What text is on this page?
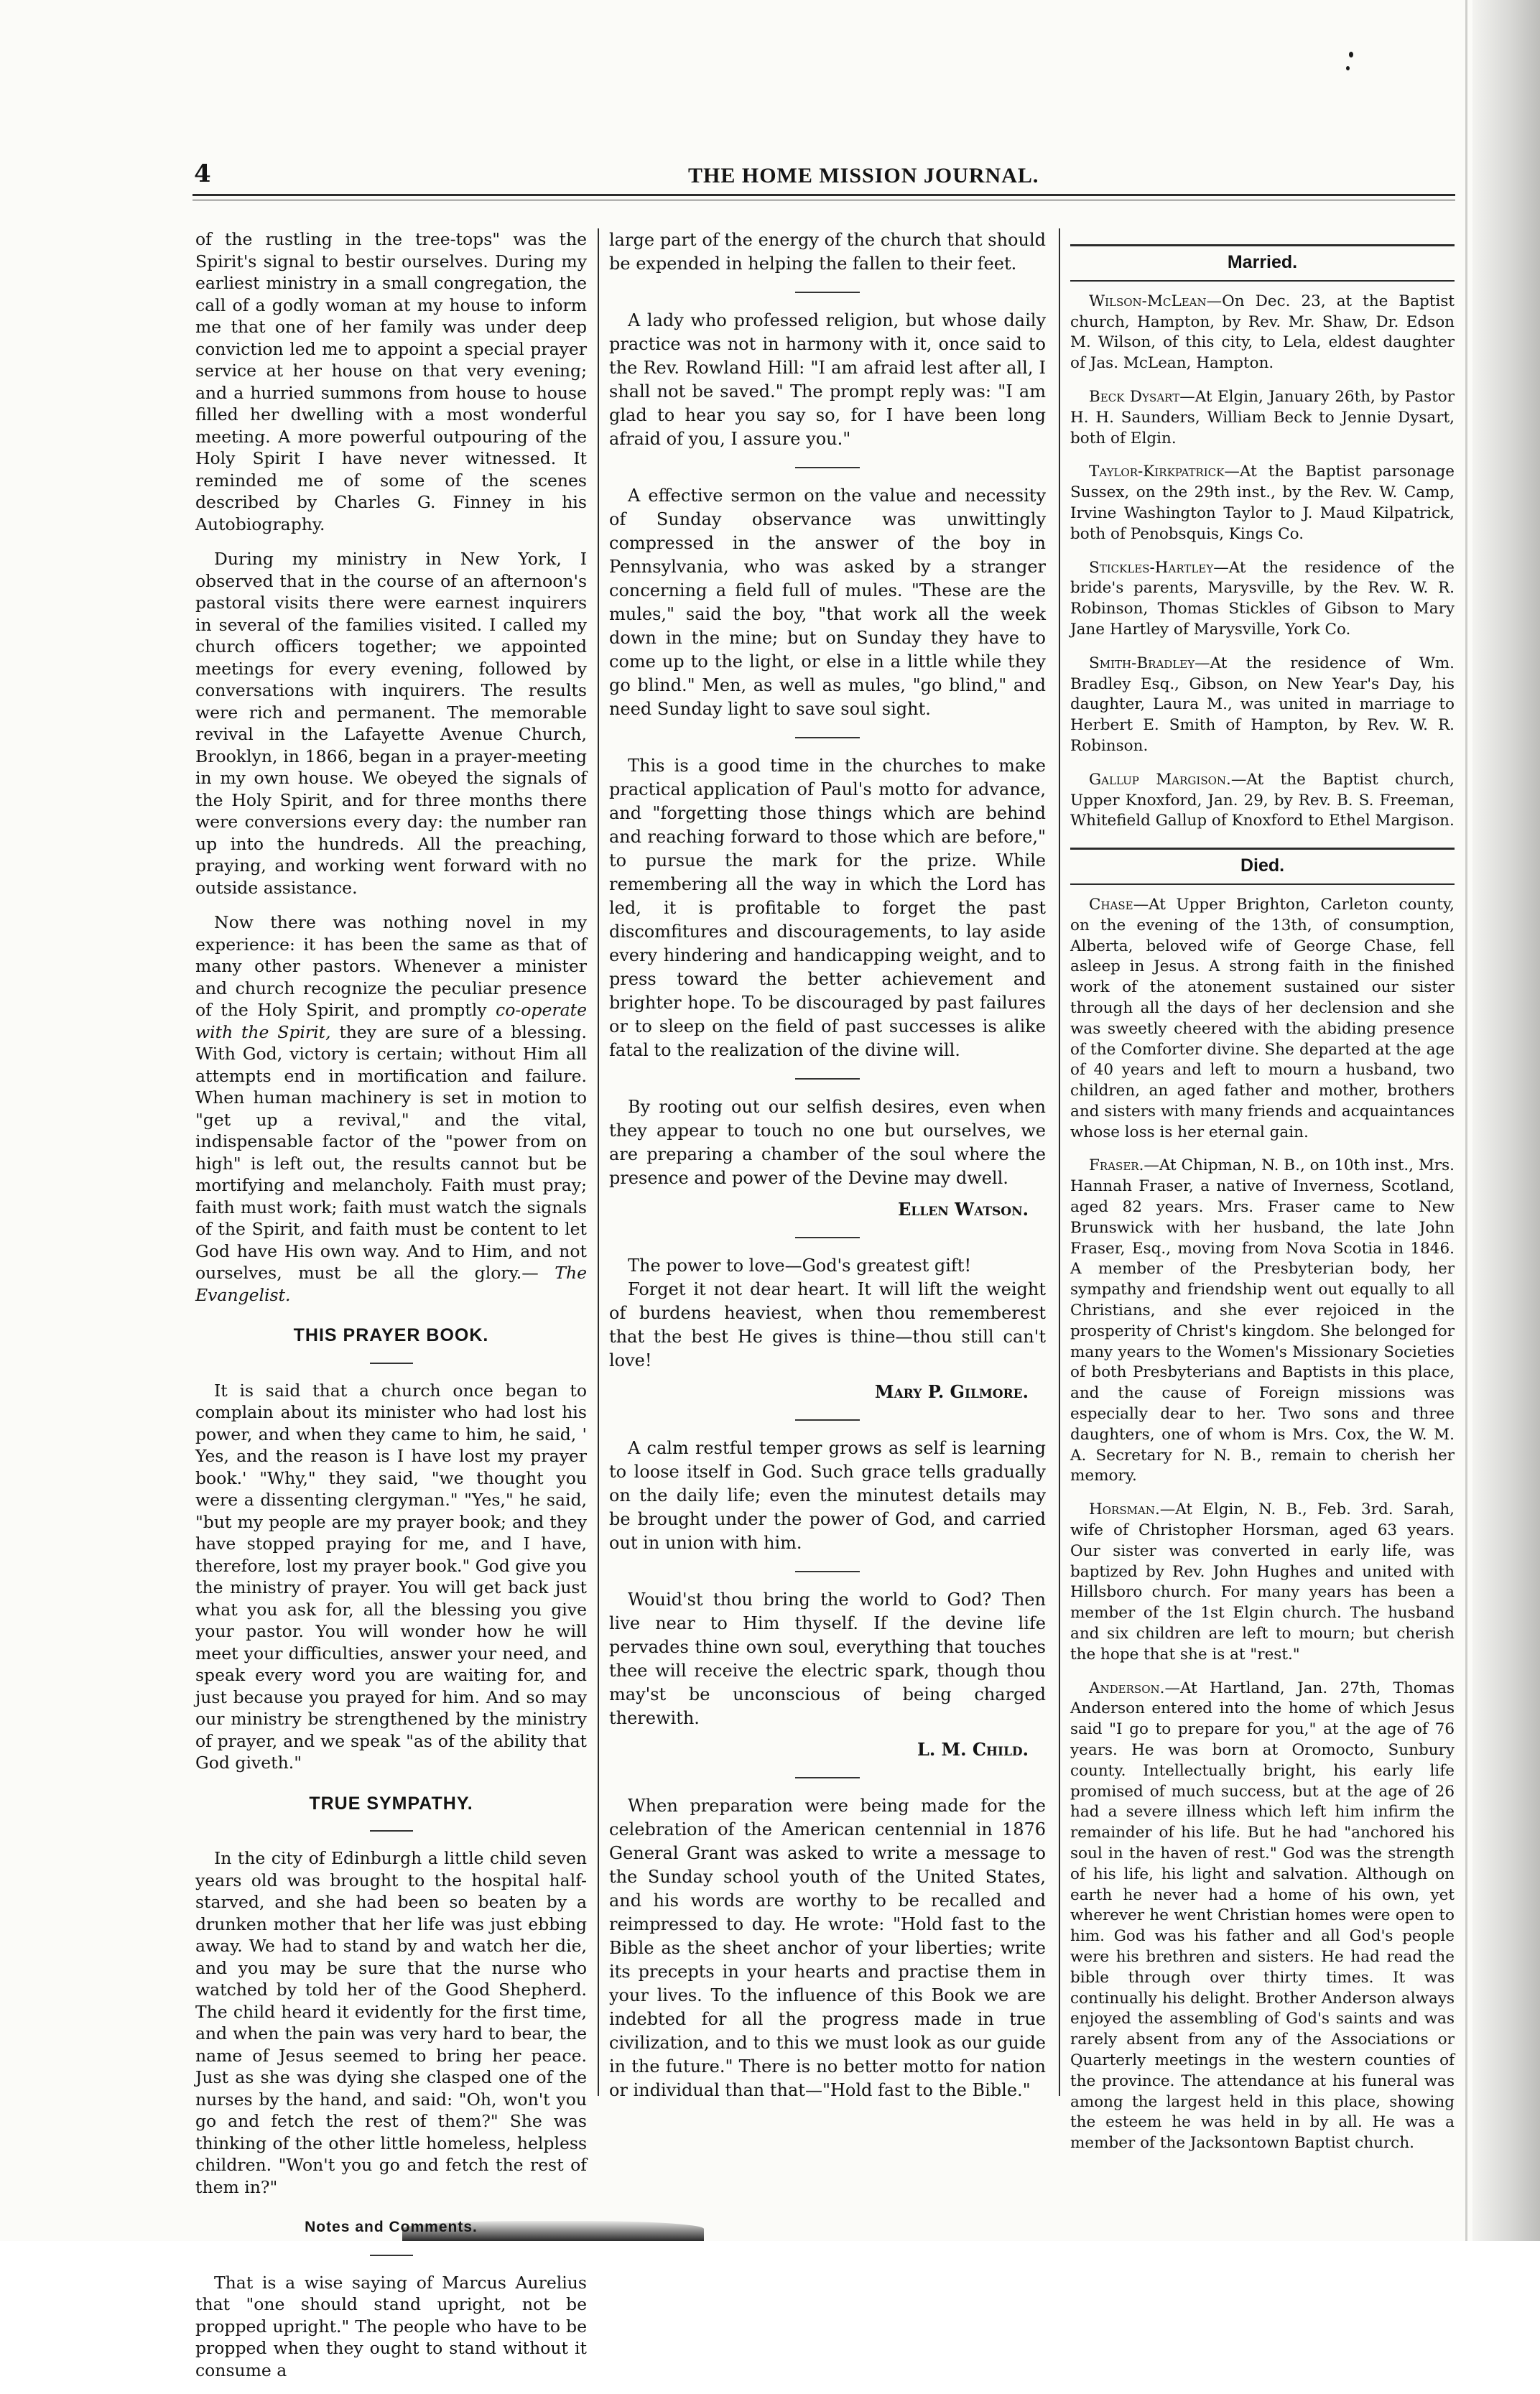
4	THE HOME MISSION JOURNAL.

of the rustling in the tree-tops" was the Spirit's signal to bestir ourselves. During my earliest ministry in a small congregation, the call of a godly woman at my house to inform me that one of her family was under deep conviction led me to appoint a special prayer service at her house on that very evening; and a hurried summons from house to house filled her dwelling with a most wonderful meeting. A more powerful outpouring of the Holy Spirit I have never witnessed. It reminded me of some of the scenes described by Charles G. Finney in his Autobiography.

During my ministry in New York, I observed that in the course of an afternoon's pastoral visits there were earnest inquirers in several of the families visited. I called my church officers together; we appointed meetings for every evening, followed by conversations with inquirers. The results were rich and permanent. The memorable revival in the Lafayette Avenue Church, Brooklyn, in 1866, began in a prayer-meeting in my own house. We obeyed the signals of the Holy Spirit, and for three months there were conversions every day: the number ran up into the hundreds. All the preaching, praying, and working went forward with no outside assistance.

Now there was nothing novel in my experience: it has been the same as that of many other pastors. Whenever a minister and church recognize the peculiar presence of the Holy Spirit, and promptly co-operate with the Spirit, they are sure of a blessing. With God, victory is certain; without Him all attempts end in mortification and failure. When human machinery is set in motion to "get up a revival," and the vital, indispensable factor of the "power from on high" is left out, the results cannot but be mortifying and melancholy. Faith must pray; faith must work; faith must watch the signals of the Spirit, and faith must be content to let God have His own way. And to Him, and not ourselves, must be all the glory.— The Evangelist.

THIS PRAYER BOOK.

It is said that a church once began to complain about its minister who had lost his power, and when they came to him, he said, ' Yes, and the reason is I have lost my prayer book.' "Why," they said, "we thought you were a dissenting clergyman." "Yes," he said, "but my people are my prayer book; and they have stopped praying for me, and I have, therefore, lost my prayer book." God give you the ministry of prayer. You will get back just what you ask for, all the blessing you give your pastor. You will wonder how he will meet your difficulties, answer your need, and speak every word you are waiting for, and just because you prayed for him. And so may our ministry be strengthened by the ministry of prayer, and we speak "as of the ability that God giveth."

TRUE SYMPATHY.

In the city of Edinburgh a little child seven years old was brought to the hospital half-starved, and she had been so beaten by a drunken mother that her life was just ebbing away. We had to stand by and watch her die, and you may be sure that the nurse who watched by told her of the Good Shepherd. The child heard it evidently for the first time, and when the pain was very hard to bear, the name of Jesus seemed to bring her peace. Just as she was dying she clasped one of the nurses by the hand, and said: "Oh, won't you go and fetch the rest of them?" She was thinking of the other little homeless, helpless children. "Won't you go and fetch the rest of them in?"

Notes and Comments.

That is a wise saying of Marcus Aurelius that "one should stand upright, not be propped upright." The people who have to be propped when they ought to stand without it consume a

large part of the energy of the church that should be expended in helping the fallen to their feet.

A lady who professed religion, but whose daily practice was not in harmony with it, once said to the Rev. Rowland Hill: "I am afraid lest after all, I shall not be saved." The prompt reply was: "I am glad to hear you say so, for I have been long afraid of you, I assure you."

A effective sermon on the value and necessity of Sunday observance was unwittingly compressed in the answer of the boy in Pennsylvania, who was asked by a stranger concerning a field full of mules. "These are the mules," said the boy, "that work all the week down in the mine; but on Sunday they have to come up to the light, or else in a little while they go blind." Men, as well as mules, "go blind," and need Sunday light to save soul sight.

This is a good time in the churches to make practical application of Paul's motto for advance, and "forgetting those things which are behind and reaching forward to those which are before," to pursue the mark for the prize. While remembering all the way in which the Lord has led, it is profitable to forget the past discomfitures and discouragements, to lay aside every hindering and handicapping weight, and to press toward the better achievement and brighter hope. To be discouraged by past failures or to sleep on the field of past successes is alike fatal to the realization of the divine will.

By rooting out our selfish desires, even when they appear to touch no one but ourselves, we are preparing a chamber of the soul where the presence and power of the Devine may dwell.

Ellen Watson.

The power to love—God's greatest gift!

Forget it not dear heart. It will lift the weight of burdens heaviest, when thou rememberest that the best He gives is thine—thou still can't love!

Mary P. Gilmore.

A calm restful temper grows as self is learning to loose itself in God. Such grace tells gradually on the daily life; even the minutest details may be brought under the power of God, and carried out in union with him.

Wouid'st thou bring the world to God? Then live near to Him thyself. If the devine life pervades thine own soul, everything that touches thee will receive the electric spark, though thou may'st be unconscious of being charged therewith.

L. M. Child.

When preparation were being made for the celebration of the American centennial in 1876 General Grant was asked to write a message to the Sunday school youth of the United States, and his words are worthy to be recalled and reimpressed to day. He wrote: "Hold fast to the Bible as the sheet anchor of your liberties; write its precepts in your hearts and practise them in your lives. To the influence of this Book we are indebted for all the progress made in true civilization, and to this we must look as our guide in the future." There is no better motto for nation or individual than that—"Hold fast to the Bible."

Married.

Wilson-McLean—On Dec. 23, at the Baptist church, Hampton, by Rev. Mr. Shaw, Dr. Edson M. Wilson, of this city, to Lela, eldest daughter of Jas. McLean, Hampton.

Beck Dysart—At Elgin, January 26th, by Pastor H. H. Saunders, William Beck to Jennie Dysart, both of Elgin.

Taylor-Kirkpatrick—At the Baptist parsonage Sussex, on the 29th inst., by the Rev. W. Camp, Irvine Washington Taylor to J. Maud Kilpatrick, both of Penobsquis, Kings Co.

Stickles-Hartley—At the residence of the bride's parents, Marysville, by the Rev. W. R. Robinson, Thomas Stickles of Gibson to Mary Jane Hartley of Marysville, York Co.

Smith-Bradley—At the residence of Wm. Bradley Esq., Gibson, on New Year's Day, his daughter, Laura M., was united in marriage to Herbert E. Smith of Hampton, by Rev. W. R. Robinson.

Gallup Margison.—At the Baptist church, Upper Knoxford, Jan. 29, by Rev. B. S. Freeman, Whitefield Gallup of Knoxford to Ethel Margison.

Died.

Chase—At Upper Brighton, Carleton county, on the evening of the 13th, of consumption, Alberta, beloved wife of George Chase, fell asleep in Jesus. A strong faith in the finished work of the atonement sustained our sister through all the days of her declension and she was sweetly cheered with the abiding presence of the Comforter divine. She departed at the age of 40 years and left to mourn a husband, two children, an aged father and mother, brothers and sisters with many friends and acquaintances whose loss is her eternal gain.

Fraser.—At Chipman, N. B., on 10th inst., Mrs. Hannah Fraser, a native of Inverness, Scotland, aged 82 years. Mrs. Fraser came to New Brunswick with her husband, the late John Fraser, Esq., moving from Nova Scotia in 1846. A member of the Presbyterian body, her sympathy and friendship went out equally to all Christians, and she ever rejoiced in the prosperity of Christ's kingdom. She belonged for many years to the Women's Missionary Societies of both Presbyterians and Baptists in this place, and the cause of Foreign missions was especially dear to her. Two sons and three daughters, one of whom is Mrs. Cox, the W. M. A. Secretary for N. B., remain to cherish her memory.

Horsman.—At Elgin, N. B., Feb. 3rd. Sarah, wife of Christopher Horsman, aged 63 years. Our sister was converted in early life, was baptized by Rev. John Hughes and united with Hillsboro church. For many years has been a member of the 1st Elgin church. The husband and six children are left to mourn; but cherish the hope that she is at "rest."

Anderson.—At Hartland, Jan. 27th, Thomas Anderson entered into the home of which Jesus said "I go to prepare for you," at the age of 76 years. He was born at Oromocto, Sunbury county. Intellectually bright, his early life promised of much success, but at the age of 26 had a severe illness which left him infirm the remainder of his life. But he had "anchored his soul in the haven of rest." God was the strength of his life, his light and salvation. Although on earth he never had a home of his own, yet wherever he went Christian homes were open to him. God was his father and all God's people were his brethren and sisters. He had read the bible through over thirty times. It was continually his delight. Brother Anderson always enjoyed the assembling of God's saints and was rarely absent from any of the Associations or Quarterly meetings in the western counties of the province. The attendance at his funeral was among the largest held in this place, showing the esteem he was held in by all. He was a member of the Jacksontown Baptist church.
